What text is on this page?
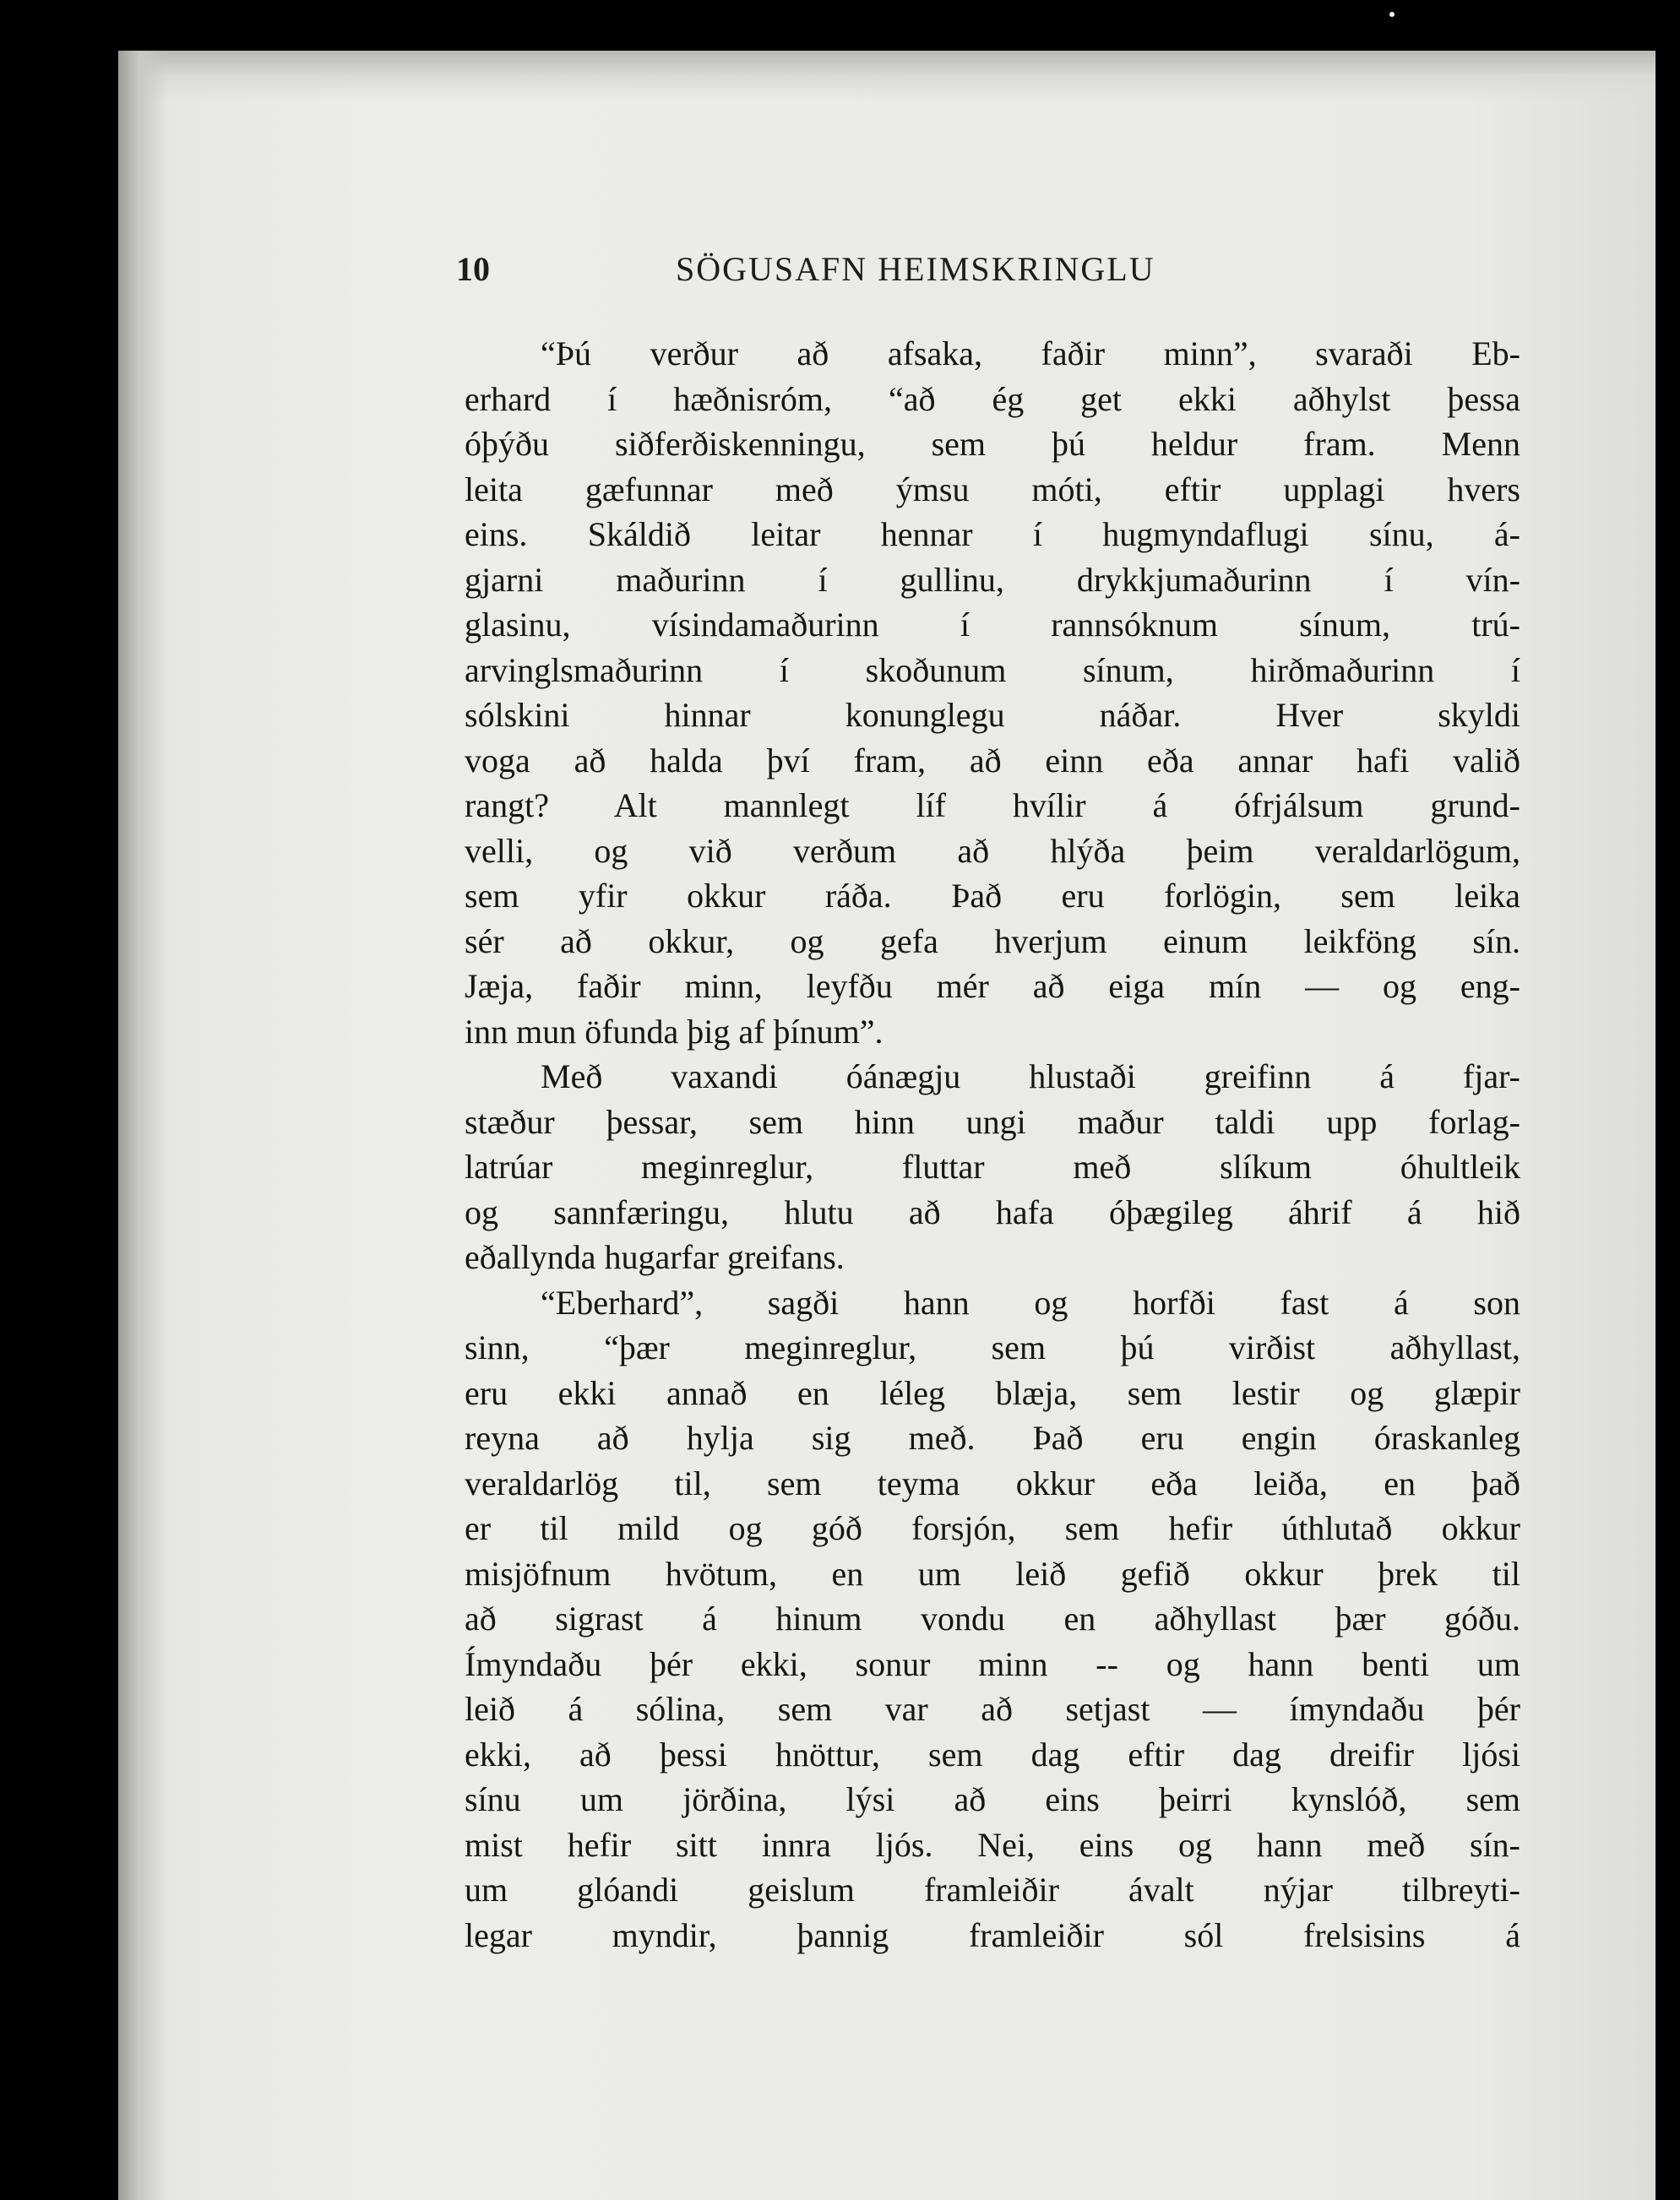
10	SÖGUSAFN HEIMSKRINGLU
“Þú verður að afsaka, faðir minn”, svaraði Eb-
erhard í hæðnisróm, “að ég get ekki aðhylst þessa
óþýðu siðferðiskenningu, sem þú heldur fram. Menn
leita gæfunnar með ýmsu móti, eftir upplagi hvers
eins. Skáldið leitar hennar í hugmyndaflugi sínu, á-
gjarni maðurinn í gullinu, drykkjumaðurinn í vín-
glasinu, vísindamaðurinn í rannsóknum sínum, trú-
arvinglsmaðurinn í skoðunum sínum, hirðmaðurinn í
sólskini hinnar konunglegu náðar. Hver skyldi
voga að halda því fram, að einn eða annar hafi valið
rangt? Alt mannlegt líf hvílir á ófrjálsum grund-
velli, og við verðum að hlýða þeim veraldarlögum,
sem yfir okkur ráða. Það eru forlögin, sem leika
sér að okkur, og gefa hverjum einum leikföng sín.
Jæja, faðir minn, leyfðu mér að eiga mín — og eng-
inn mun öfunda þig af þínum”.
Með vaxandi óánægju hlustaði greifinn á fjar-
stæður þessar, sem hinn ungi maður taldi upp forlag-
latrúar meginreglur, fluttar með slíkum óhultleik
og sannfæringu, hlutu að hafa óþægileg áhrif á hið
eðallynda hugarfar greifans.
“Eberhard”, sagði hann og horfði fast á son
sinn, “þær meginreglur, sem þú virðist aðhyllast,
eru ekki annað en léleg blæja, sem lestir og glæpir
reyna að hylja sig með. Það eru engin óraskanleg
veraldarlög til, sem teyma okkur eða leiða, en það
er til mild og góð forsjón, sem hefir úthlutað okkur
misjöfnum hvötum, en um leið gefið okkur þrek til
að sigrast á hinum vondu en aðhyllast þær góðu.
Ímyndaðu þér ekki, sonur minn -- og hann benti um
leið á sólina, sem var að setjast — ímyndaðu þér
ekki, að þessi hnöttur, sem dag eftir dag dreifir ljósi
sínu um jörðina, lýsi að eins þeirri kynslóð, sem
mist hefir sitt innra ljós. Nei, eins og hann með sín-
um glóandi geislum framleiðir ávalt nýjar tilbreyti-
legar myndir, þannig framleiðir sól frelsisins á
